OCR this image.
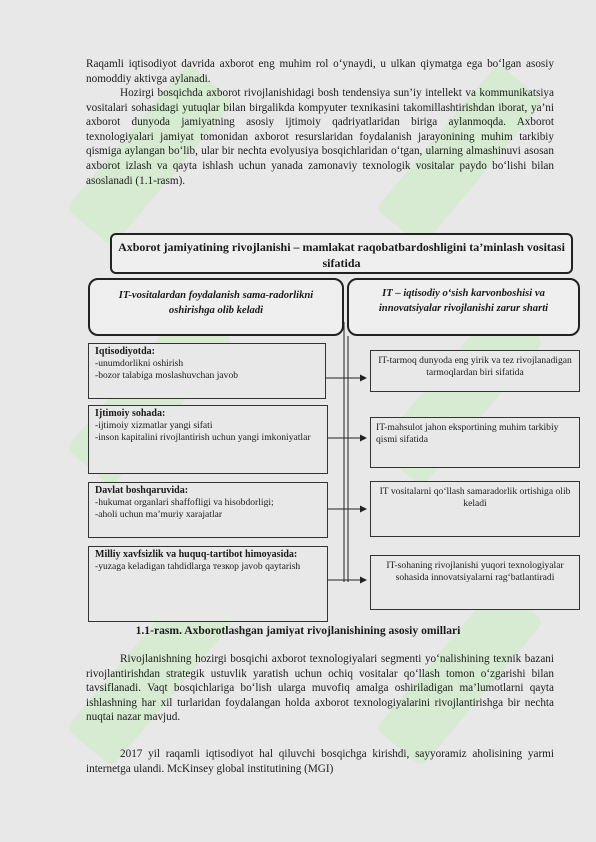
Raqamli iqtisodiyot davrida axborot eng muhim rol o‘ynaydi, u ulkan qiymatga ega bo‘lgan asosiy nomoddiy aktivga aylanadi.

Hozirgi bosqichda axborot rivojlanishidagi bosh tendensiya sun’iy intellekt va kommunikatsiya vositalari sohasidagi yutuqlar bilan birgalikda kompyuter texnikasini takomillashtirishdan iborat, ya’ni axborot dunyoda jamiyatning asosiy ijtimoiy qadriyatlaridan biriga aylanmoqda. Axborot texnologiyalari jamiyat tomonidan axborot resurslaridan foydalanish jarayonining muhim tarkibiy qismiga aylangan bo‘lib, ular bir nechta evolyusiya bosqichlaridan o‘tgan, ularning almashinuvi asosan axborot izlash va qayta ishlash uchun yanada zamonaviy texnologik vositalar paydo bo‘lishi bilan asoslanadi (1.1-rasm).

Axborot jamiyatining rivojlanishi – mamlakat raqobatbardoshligini ta’minlash vositasi sifatida
IT-vositalardan foydalanish sama-radorlikni oshirishga olib keladi
IT – iqtisodiy o‘sish karvonboshisi va innovatsiyalar rivojlanishi zarur sharti
Iqtisodiyotda:
-unumdorlikni oshirish
-bozor talabiga moslashuvchan javob
Ijtimoiy sohada:
-ijtimoiy xizmatlar yangi sifati
-inson kapitalini rivojlantirish uchun yangi imkoniyatlar
Davlat boshqaruvida:
-hukumat organlari shaffofligi va hisobdorligi;
-aholi uchun ma’muriy xarajatlar
Milliy xavfsizlik va huquq-tartibot himoyasida:
-yuzaga keladigan tahdidlarga тезкор javob qaytarish
IT-tarmoq dunyoda eng yirik va tez rivojlanadigan tarmoqlardan biri sifatida
IT-mahsulot jahon eksportining muhim tarkibiy qismi sifatida
IT vositalarni qo‘llash samaradorlik ortishiga olib keladi
IT-sohaning rivojlanishi yuqori texnologiyalar sohasida innovatsiyalarni rag‘batlantiradi
1.1-rasm. Axborotlashgan jamiyat rivojlanishining asosiy omillari

Rivojlanishning hozirgi bosqichi axborot texnologiyalari segmenti yo‘nalishining texnik bazani rivojlantirishdan strategik ustuvlik yaratish uchun ochiq vositalar qo‘llash tomon o‘zgarishi bilan tavsiflanadi. Vaqt bosqichlariga bo‘lish ularga muvofiq amalga oshiriladigan ma’lumotlarni qayta ishlashning har xil turlaridan foydalangan holda axborot texnologiyalarini rivojlantirishga bir nechta nuqtai nazar mavjud.

2017 yil raqamli iqtisodiyot hal qiluvchi bosqichga kirishdi, sayyoramiz aholisining yarmi internetga ulandi. McKinsey global institutining (MGI)
